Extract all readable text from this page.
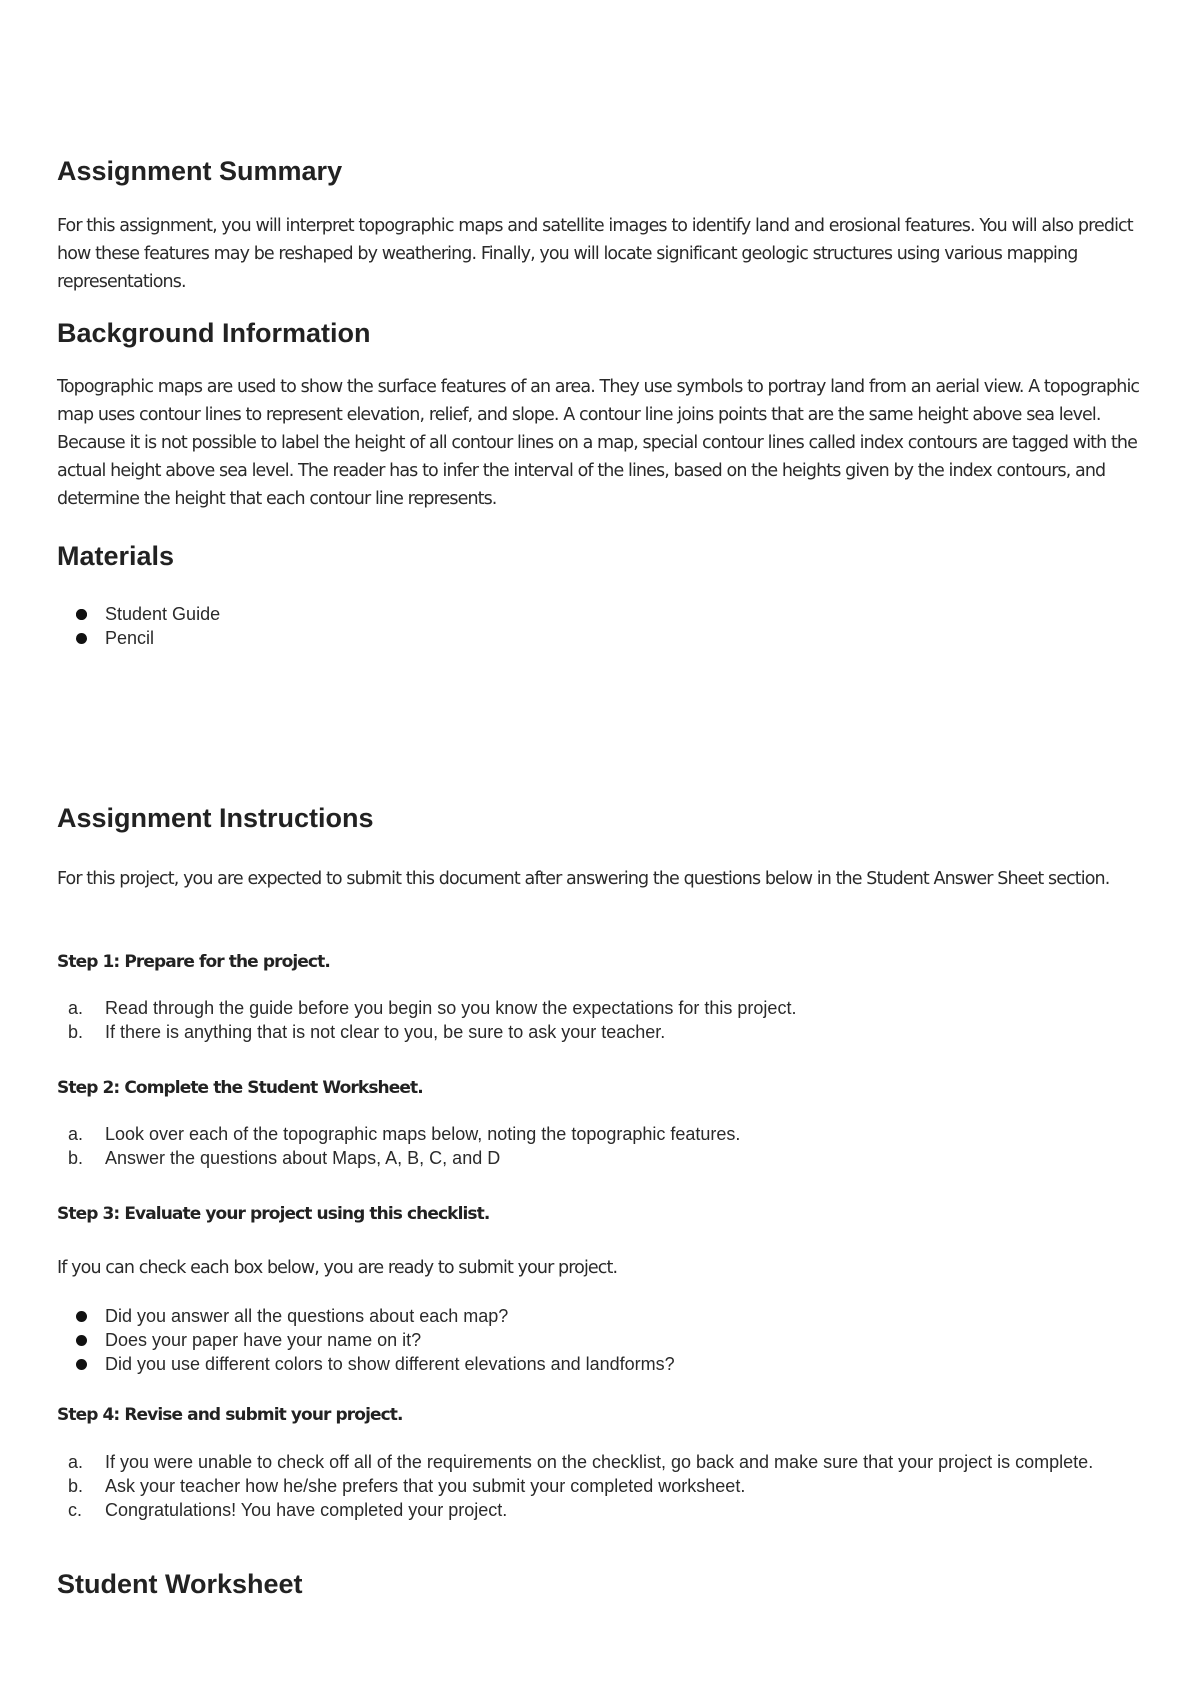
Assignment Summary

For this assignment, you will interpret topographic maps and satellite images to identify land and erosional features. You will also predict how these features may be reshaped by weathering. Finally, you will locate significant geologic structures using various mapping representations.

Background Information

Topographic maps are used to show the surface features of an area. They use symbols to portray land from an aerial view. A topographic map uses contour lines to represent elevation, relief, and slope. A contour line joins points that are the same height above sea level. Because it is not possible to label the height of all contour lines on a map, special contour lines called index contours are tagged with the actual height above sea level. The reader has to infer the interval of the lines, based on the heights given by the index contours, and determine the height that each contour line represents.

Materials
Student Guide
Pencil
Assignment Instructions

For this project, you are expected to submit this document after answering the questions below in the Student Answer Sheet section.

Step 1: Prepare for the project.

a.	Read through the guide before you begin so you know the expectations for this project.
b.	If there is anything that is not clear to you, be sure to ask your teacher.

Step 2: Complete the Student Worksheet.

a.	Look over each of the topographic maps below, noting the topographic features.
b.	Answer the questions about Maps, A, B, C, and D

Step 3: Evaluate your project using this checklist.

If you can check each box below, you are ready to submit your project.

Did you answer all the questions about each map?
Does your paper have your name on it?
Did you use different colors to show different elevations and landforms?

Step 4: Revise and submit your project.

a.	If you were unable to check off all of the requirements on the checklist, go back and make sure that your project is complete.
b.	Ask your teacher how he/she prefers that you submit your completed worksheet.
c.	Congratulations! You have completed your project.
Student Worksheet
